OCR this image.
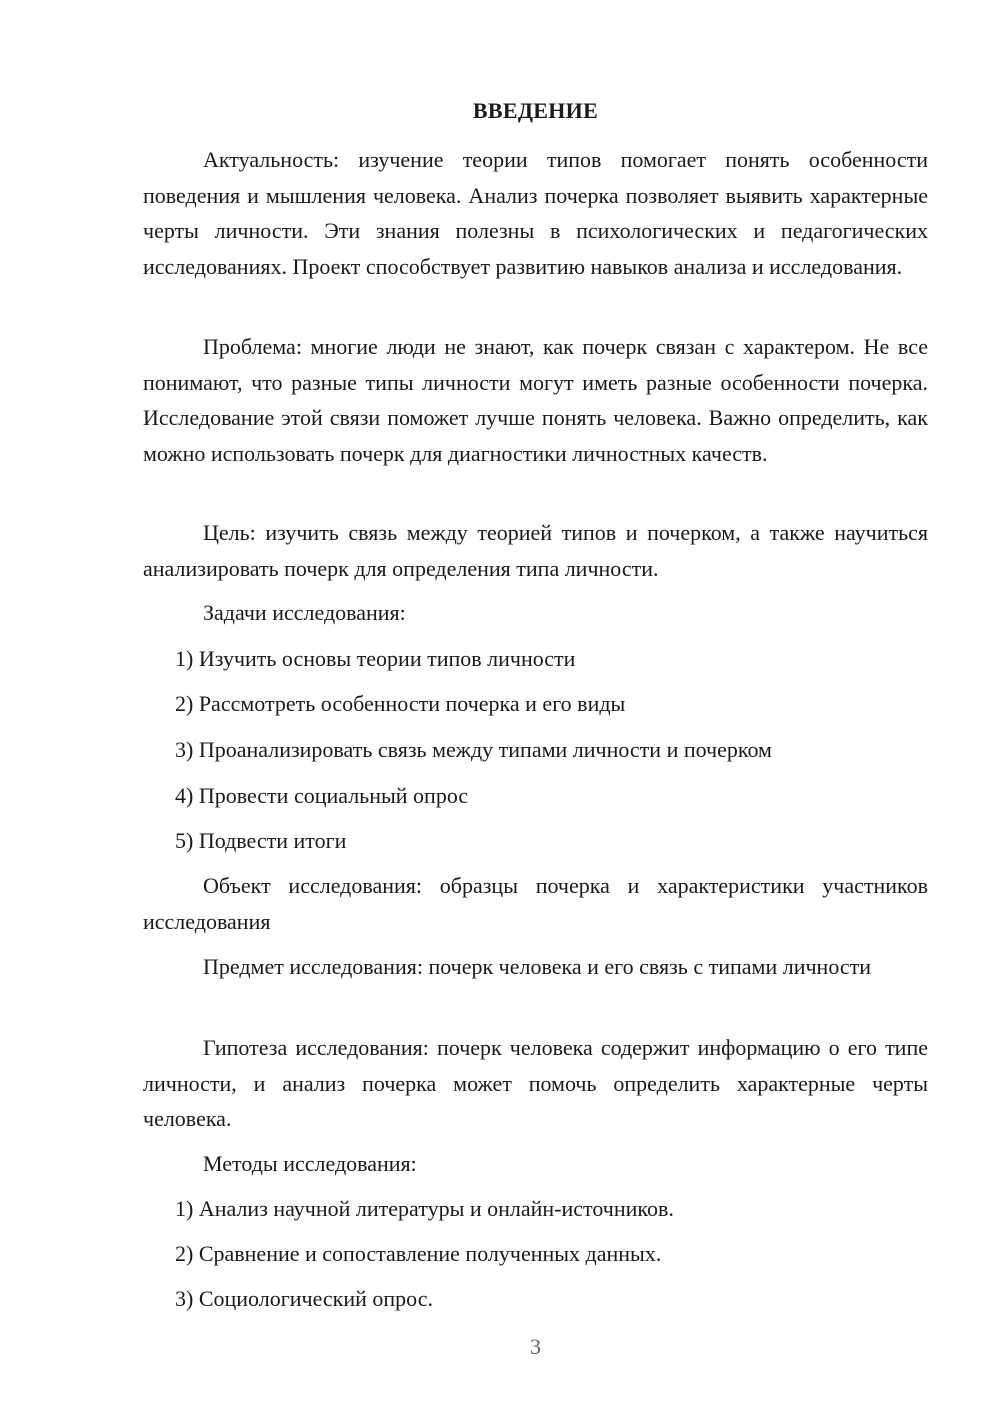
ВВЕДЕНИЕ

Актуальность: изучение теории типов помогает понять особенности поведения и мышления человека. Анализ почерка позволяет выявить характерные черты личности. Эти знания полезны в психологических и педагогических исследованиях. Проект способствует развитию навыков анализа и исследования.

Проблема: многие люди не знают, как почерк связан с характером. Не все понимают, что разные типы личности могут иметь разные особенности почерка. Исследование этой связи поможет лучше понять человека. Важно определить, как можно использовать почерк для диагностики личностных качеств.

Цель: изучить связь между теорией типов и почерком, а также научиться анализировать почерк для определения типа личности.

Задачи исследования:
1) Изучить основы теории типов личности
2) Рассмотреть особенности почерка и его виды
3) Проанализировать связь между типами личности и почерком
4) Провести социальный опрос
5) Подвести итоги

Объект исследования: образцы почерка и характеристики участников исследования

Предмет исследования: почерк человека и его связь с типами личности

Гипотеза исследования: почерк человека содержит информацию о его типе личности, и анализ почерка может помочь определить характерные черты человека.

Методы исследования:
1) Анализ научной литературы и онлайн-источников.
2) Сравнение и сопоставление полученных данных.
3) Социологический опрос.
3
